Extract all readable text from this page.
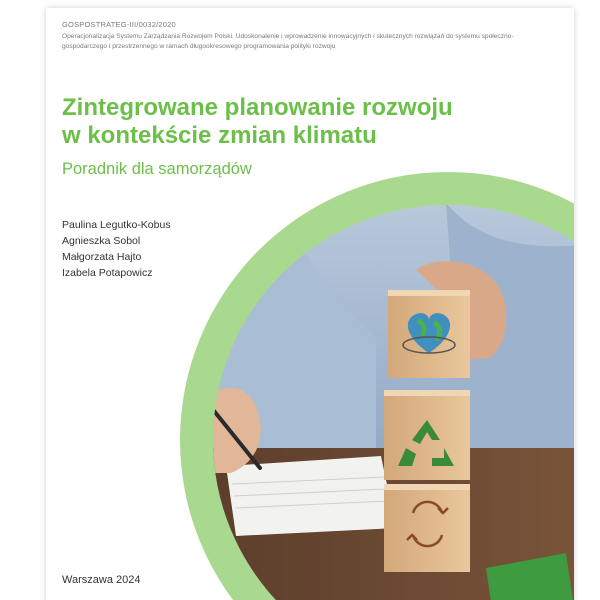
GOSPOSTRATEG-III/0032/2020
Operacjonalizacja Systemu Zarządzania Rozwojem Polski. Udoskonalenie i wprowadzenie innowacyjnych i skutecznych rozwiązań do systemu społeczno-gospodarczego i przestrzennego w ramach długookresowego programowania polityki rozwoju
Zintegrowane planowanie rozwoju
w kontekście zmian klimatu
Poradnik dla samorządów
Paulina Legutko-Kobus
Agnieszka Sobol
Małgorzata Hajto
Izabela Potapowicz
Warszawa 2024
